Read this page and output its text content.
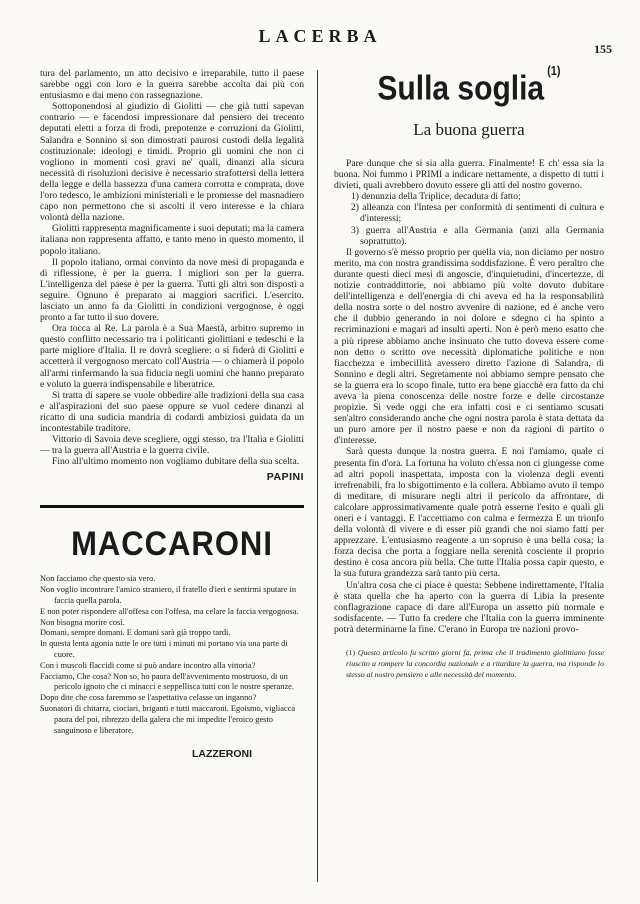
LACERBA
155

tura del parlamento, un atto decisivo e irreparabile, tutto il paese sarebbe oggi con loro e la guerra sarebbe accolta dai più con entusiasmo e dai meno con rassegnazione.

Sottoponendosi al giudizio di Giolitti — che già tutti sapevan contrario — e facendosi impressionare dal pensiero dei trecento deputati eletti a forza di frodi, prepotenze e corruzioni da Giolitti, Salandra e Sonnino si son dimostrati paurosi custodi della legalità costituzionale: ideologi e timidi. Proprio gli uomini che non ci vogliono in momenti così gravi ne' quali, dinanzi alla sicura necessità di risoluzioni decisive è necessario strafottersi della lettera della legge e della bassezza d'una camera corrotta e comprata, dove l'oro tedesco, le ambizioni ministeriali e le promesse del masnadiero capo non permettono che si ascolti il vero interesse e la chiara volontà della nazione.

Giolitti rappresenta magnificamente i suoi deputati; ma la camera italiana non rappresenta affatto, e tanto meno in questo momento, il popolo italiano.

Il popolo italiano, ormai convinto da nove mesi di propaganda e di riflessione, è per la guerra. I migliori son per la guerra. L'intelligenza del paese è per la guerra. Tutti gli altri son disposti a seguire. Ognuno è preparato ai maggiori sacrifici. L'esercito. lasciato un anno fa da Giolitti in condizioni vergognose, è oggi pronto a far tutto il suo dovere.

Ora tocca al Re. La parola è a Sua Maestà, arbitro supremo in questo conflitto necessario tra i politicanti giolittiani e tedeschi e la parte migliore d'Italia. Il re dovrà scegliere: o si fiderà di Giolitti e accetterà il vergognoso mercato coll'Austria — o chiamerà il popolo all'armi rinfermando la sua fiducia negli uomini che hanno preparato e voluto la guerra indispensabile e liberatrice.

Si tratta di sapere se vuole obbedire alle tradizioni della sua casa e all'aspirazioni del suo paese oppure se vuol cedere dinanzi al ricatto di una sudicia mandria di codardi ambiziosi guidata da un incontestabile traditore.

Vittorio di Savoia deve scegliere, oggi stesso, tra l'Italia e Giolitti — tra la guerra all'Austria e la guerra civile.

Fino all'ultimo momento non vogliamo dubitare della sua scelta.

PAPINI
MACCARONI

Non facciamo che questo sia vero.

Non voglio incontrare l'amico straniero, il fratello d'ieri e sentirmi sputare in faccia quella parola.

E non poter rispondere all'offesa con l'offesa, ma celare la faccia vergognosa.

Non bisogna morire così.

Domani, sempre domani. E domani sarà già troppo tardi.

In questa lenta agonia tutte le ore tutti i minuti mi portano via una parte di cuore.

Con i muscoli flaccidi come si può andare incontro alla vittoria?

Facciamo, Che cosa? Non so, ho paura dell'avvenimento mostruoso, di un pericolo ignoto che ci minacci e seppellisca tutti con le nostre speranze.

Dopo dite che cosa faremmo se l'aspettativa celasse un inganno?

Suonatori di chitarra, ciociari, briganti e tutti maccaroni. Egoismo, vigliacca paura del poi, ribrezzo della galera che mi impedite l'eroico gesto sanguinoso e liberatore.

LAZZERONI
Sulla soglia $^{(1)}$
La buona guerra

Pare dunque che si sia alla guerra. Finalmente! E ch' essa sia la buona. Noi fummo i PRIMI a indicare nettamente, a dispetto di tutti i divieti, quali avrebbero dovuto essere gli atti del nostro governo.

1) denunzia della Triplice, decaduta di fatto;

2) alleanza con l'Intesa per conformità di sentimenti di cultura e d'interessi;

3) guerra all'Austria e alla Germania (anzi alla Germania soprattutto).

Il governo s'è messo proprio per quella via, non diciamo per nostro merito, ma con nostra grandissima soddisfazione. È vero peraltro che durante questi dieci mesi di angoscie, d'inquietudini, d'incertezze, di notizie contraddittorie, noi abbiamo più volte dovuto dubitare dell'intelligenza e dell'energia di chi aveva ed ha la responsabilità della nostra sorte o del nostro avvenire di nazione, ed è anche vero che il dubbio generando in noi dolore e sdegno ci ha spinto a recriminazioni e magari ad insulti aperti. Non è però meno esatto che a più riprese abbiamo anche insinuato che tutto doveva essere come non detto o scritto ove necessità diplomatiche politiche e non fiacchezza e imbecillità avessero diretto l'azione di Salandra, di Sonnino e degli altri. Segretamente noi abbiamo sempre pensato che se la guerra era lo scopo finale, tutto era bene giacchè era fatto da chi aveva la piena conoscenza delle nostre forze e delle circostanze propizie. Si vede oggi che era infatti così e ci sentiamo scusati sen'altro considerando anche che ogni nostra parola è stata dettata da un puro amore per il nostro paese e non da ragioni di partito o d'interesse.

Sarà questa dunque la nostra guerra. E noi l'amiamo, quale ci presenta fin d'ora. La fortuna ha voluto ch'essa non ci giungesse come ad altri popoli inaspettata, imposta con la violenza degli eventi irrefrenabili, fra lo sbigottimento e la collera. Abbiamo avuto il tempo di meditare, di misurare negli altri il pericolo da affrontare, di calcolare approssimativamente quale potrà esserne l'esito e quali gli oneri e i vantaggi. E l'accettiamo con calma e fermezza E un trionfo della volontà di vivere e di esser più grandi che noi siamo fatti per apprezzare. L'entusiasmo reagente a un sopruso è una bella cosa; la forza decisa che porta a foggiare nella serenità cosciente il proprio destino è cosa ancora più bella. Che tutte l'Italia possa capir questo, e la sua futura grandezza sarà tanto più certa.

Un'altra cosa che ci piace è questa: Sebbene indirettamente, l'Italia è stata quella che ha aperto con la guerra di Libia la presente conflagrazione capace di dare all'Europa un assetto più normale e sodisfacente. — Tutto fa credere che l'Italia con la guerra imminente potrà determinarne la fine. C'erano in Europa tre nazioni provo-

(1) Questo articolo fu scritto giorni fa, prima che il tradimento giolittiano fosse riuscito a rompere la concordia nazionale e a ritardare la guerra, ma risponde lo stesso al nostro pensiero e alle necessità del momento.
